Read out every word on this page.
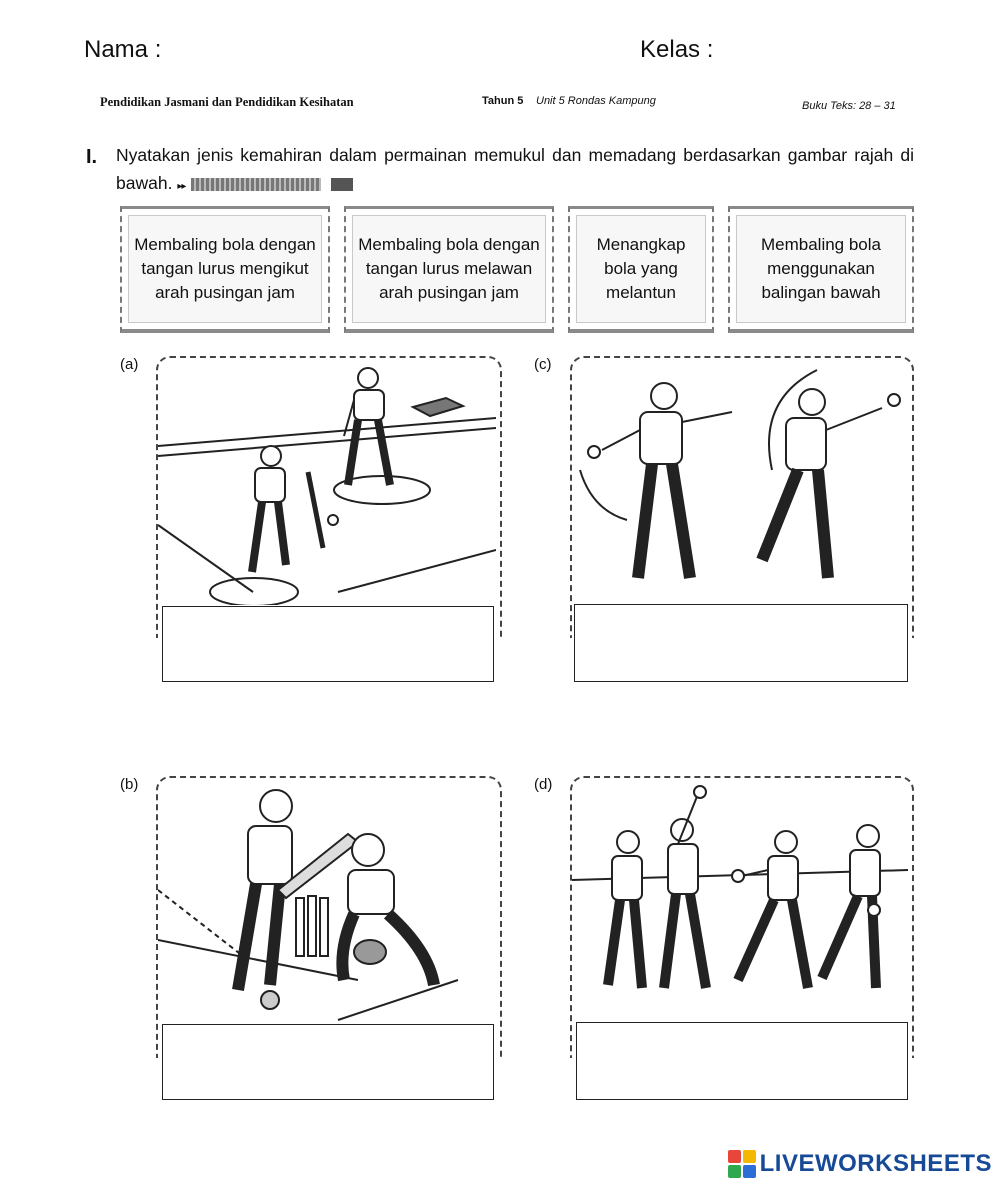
Nama :	Kelas :
Pendidikan Jasmani dan Pendidikan Kesihatan	Tahun 5 Unit 5 Rondas Kampung	Buku Teks: 28 – 31
I. Nyatakan jenis kemahiran dalam permainan memukul dan memadang berdasarkan gambar rajah di bawah. ▸▸
Membaling bola dengan tangan lurus mengikut arah pusingan jam
Membaling bola dengan tangan lurus melawan arah pusingan jam
Menangkap bola yang melantun
Membaling bola menggunakan balingan bawah
(a)	(c)
(b)	(d)
LIVEWORKSHEETS
